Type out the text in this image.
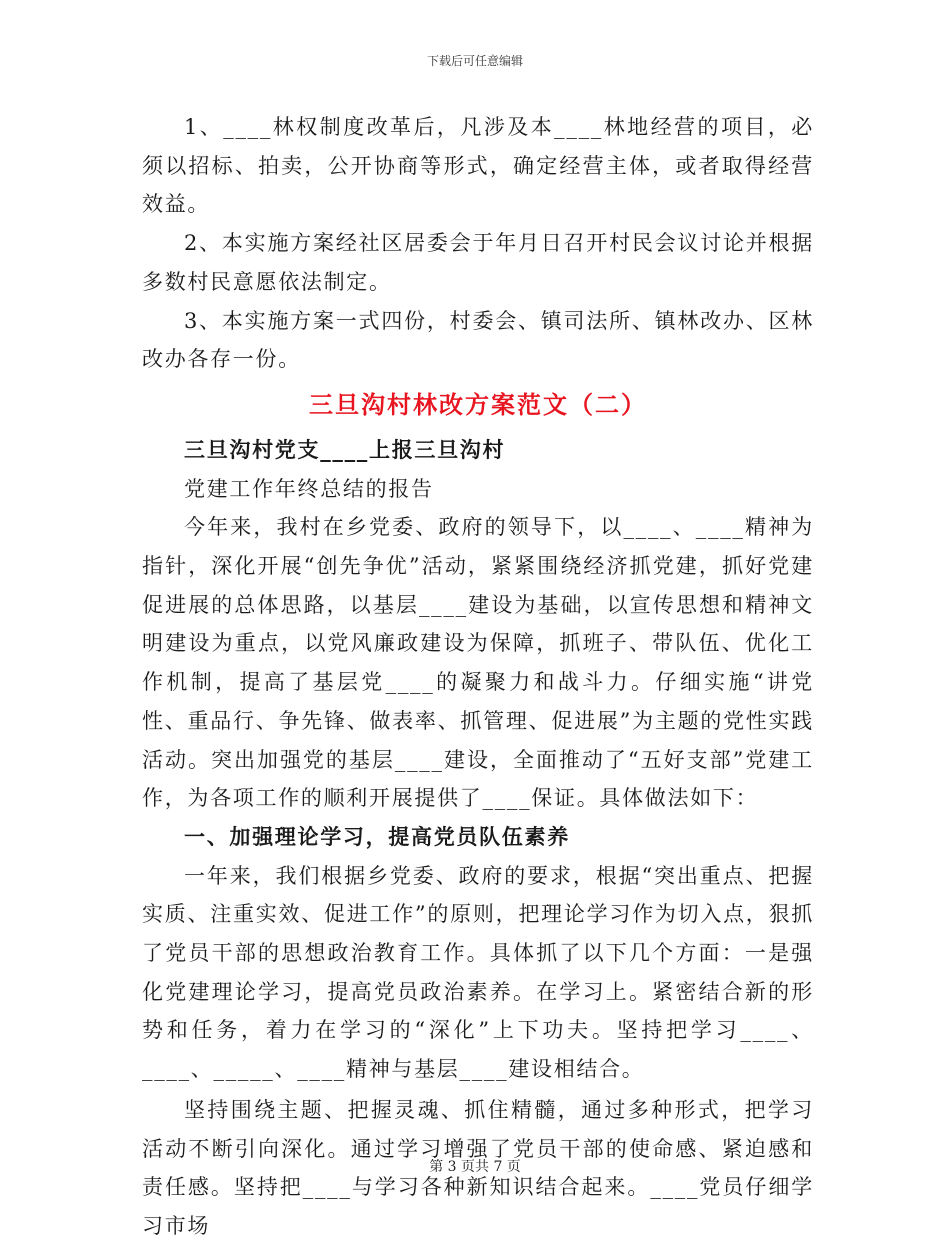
下载后可任意编辑

1、____林权制度改革后，凡涉及本____林地经营的项目，必须以招标、拍卖，公开协商等形式，确定经营主体，或者取得经营效益。

2、本实施方案经社区居委会于年月日召开村民会议讨论并根据多数村民意愿依法制定。

3、本实施方案一式四份，村委会、镇司法所、镇林改办、区林改办各存一份。

三旦沟村林改方案范文（二）

三旦沟村党支____上报三旦沟村

党建工作年终总结的报告

今年来，我村在乡党委、政府的领导下，以____、____精神为指针，深化开展“创先争优”活动，紧紧围绕经济抓党建，抓好党建促进展的总体思路，以基层____建设为基础，以宣传思想和精神文明建设为重点，以党风廉政建设为保障，抓班子、带队伍、优化工作机制，提高了基层党____的凝聚力和战斗力。仔细实施“讲党性、重品行、争先锋、做表率、抓管理、促进展”为主题的党性实践活动。突出加强党的基层____建设，全面推动了“五好支部”党建工作，为各项工作的顺利开展提供了____保证。具体做法如下：

一、加强理论学习，提高党员队伍素养

一年来，我们根据乡党委、政府的要求，根据“突出重点、把握实质、注重实效、促进工作”的原则，把理论学习作为切入点，狠抓了党员干部的思想政治教育工作。具体抓了以下几个方面：一是强化党建理论学习，提高党员政治素养。在学习上。紧密结合新的形势和任务，着力在学习的“深化”上下功夫。坚持把学习____、____、_____、____精神与基层____建设相结合。

坚持围绕主题、把握灵魂、抓住精髓，通过多种形式，把学习活动不断引向深化。通过学习增强了党员干部的使命感、紧迫感和责任感。坚持把____与学习各种新知识结合起来。____党员仔细学习市场

第 3 页共 7 页
